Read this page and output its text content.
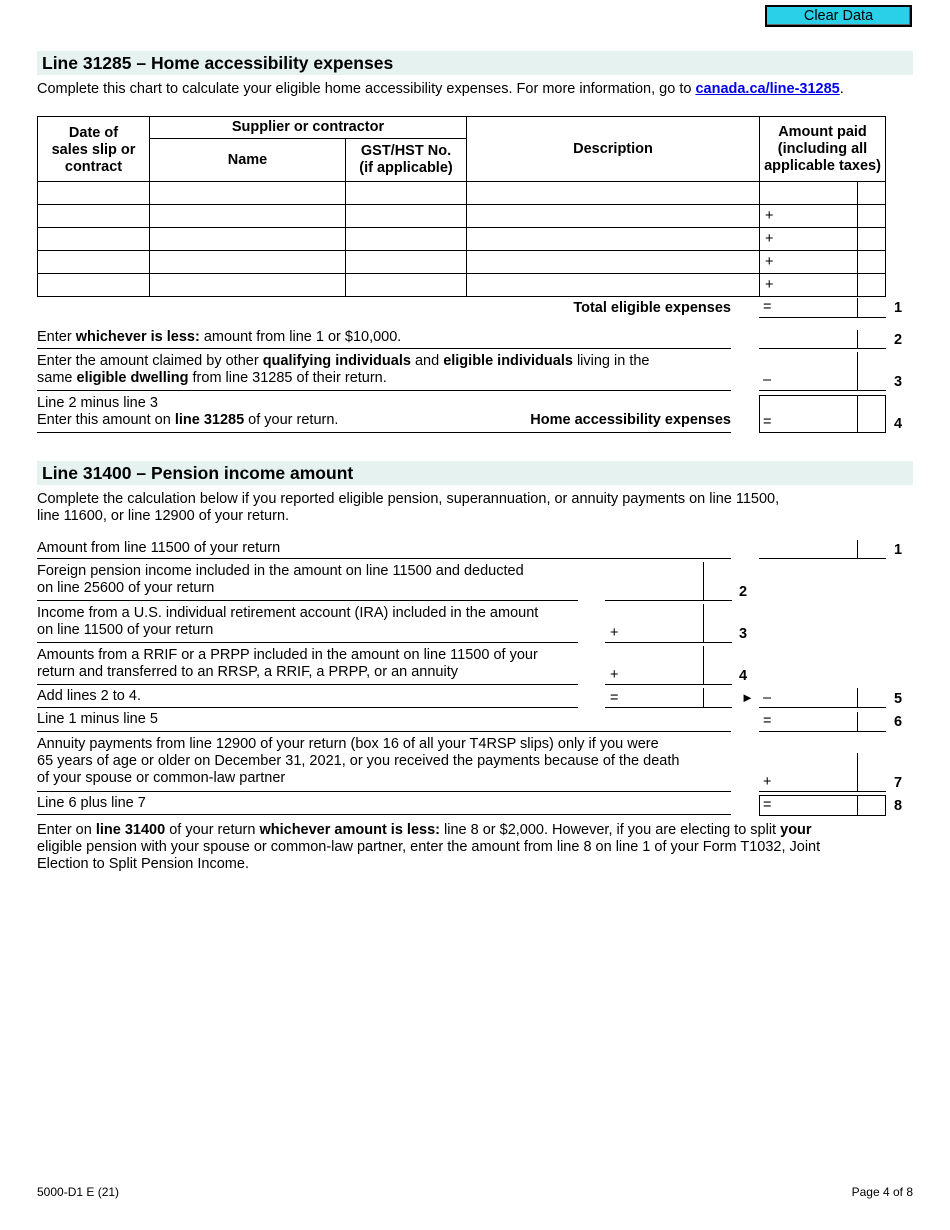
Clear Data
Line 31285 – Home accessibility expenses
Complete this chart to calculate your eligible home accessibility expenses. For more information, go to canada.ca/line-31285.
Date of sales slip or contract	Supplier or contractor		Description	Amount paid (including all applicable taxes)	

	Name	GST/HST No. (if applicable)			

				+	
				+	
				+	
				+	
Total eligible expenses =	1
Enter whichever is less: amount from line 1 or $10,000.	2
Enter the amount claimed by other qualifying individuals and eligible individuals living in the
same eligible dwelling from line 31285 of their return.	–	3
Line 2 minus line 3
Enter this amount on line 31285 of your return.	Home accessibility expenses =	4
Line 31400 – Pension income amount
Complete the calculation below if you reported eligible pension, superannuation, or annuity payments on line 11500,
line 11600, or line 12900 of your return.
Amount from line 11500 of your return	1
Foreign pension income included in the amount on line 11500 and deducted
on line 25600 of your return	2
Income from a U.S. individual retirement account (IRA) included in the amount
on line 11500 of your return	+	3
Amounts from a RRIF or a PRPP included in the amount on line 11500 of your
return and transferred to an RRSP, a RRIF, a PRPP, or an annuity	+	4
Add lines 2 to 4.	=	► –	5
Line 1 minus line 5	=	6
Annuity payments from line 12900 of your return (box 16 of all your T4RSP slips) only if you were
65 years of age or older on December 31, 2021, or you received the payments because of the death
of your spouse or common-law partner	+	7
Line 6 plus line 7	=	8
Enter on line 31400 of your return whichever amount is less: line 8 or $2,000. However, if you are electing to split your
eligible pension with your spouse or common-law partner, enter the amount from line 8 on line 1 of your Form T1032, Joint
Election to Split Pension Income.
5000-D1 E (21)	Page 4 of 8
